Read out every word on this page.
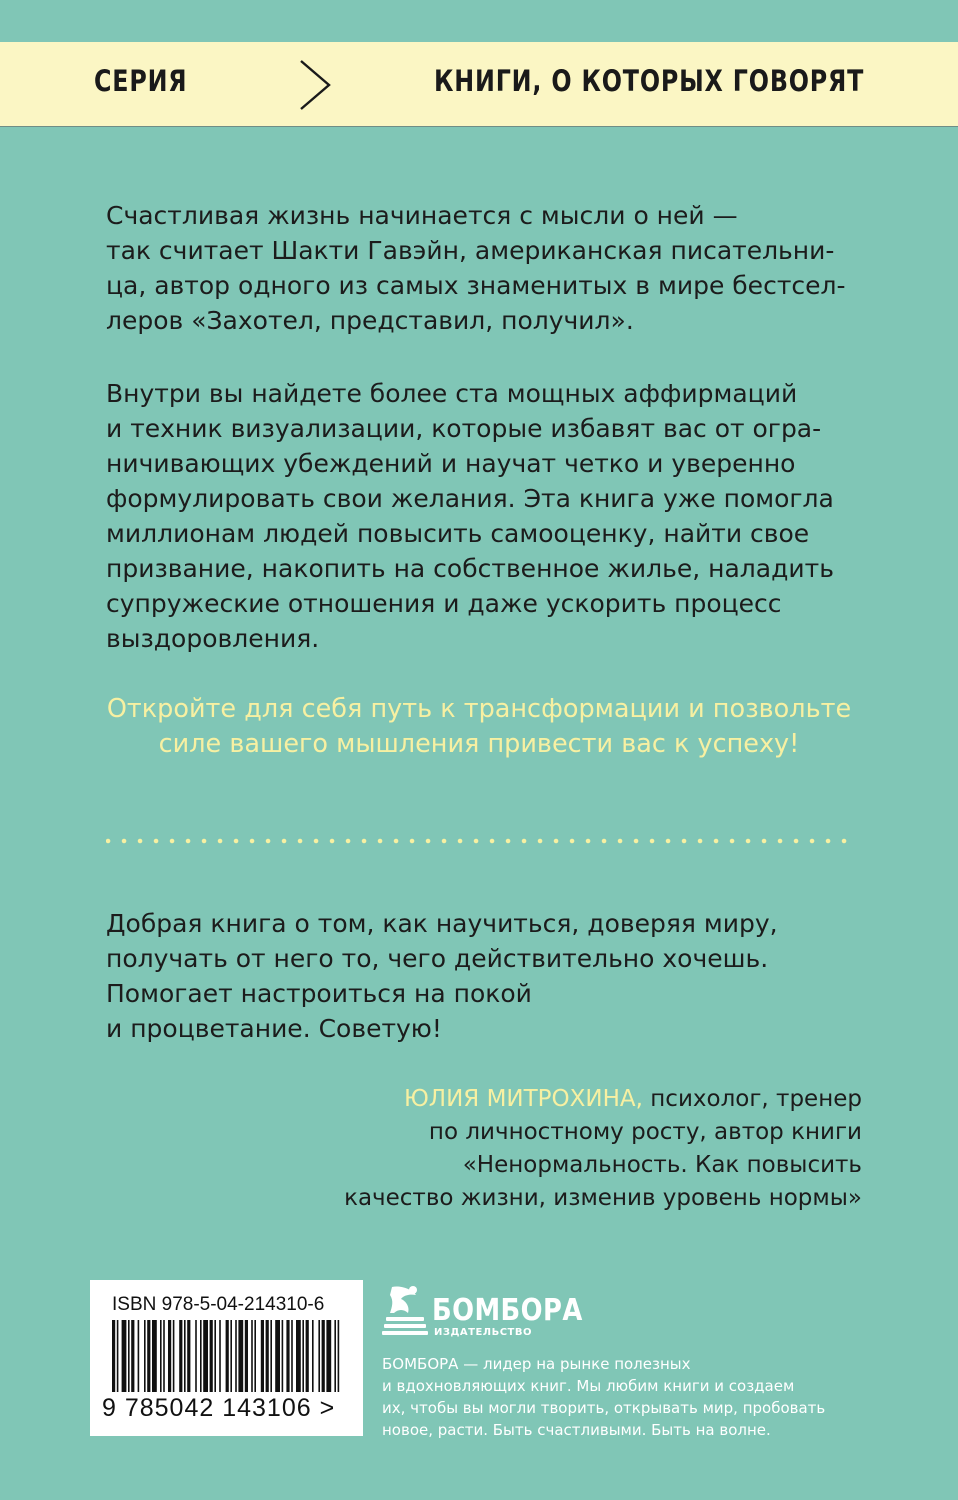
СЕРИЯ	КНИГИ, О КОТОРЫХ ГОВОРЯТ

Счастливая жизнь начинается с мысли о ней —
так считает Шакти Гавэйн, американская писательни-
ца, автор одного из самых знаменитых в мире бестсел-
леров «Захотел, представил, получил».

Внутри вы найдете более ста мощных аффирмаций
и техник визуализации, которые избавят вас от огра-
ничивающих убеждений и научат четко и уверенно
формулировать свои желания. Эта книга уже помогла
миллионам людей повысить самооценку, найти свое
призвание, накопить на собственное жилье, наладить
супружеские отношения и даже ускорить процесс
выздоровления.

Откройте для себя путь к трансформации и позвольте
силе вашего мышления привести вас к успеху!

Добрая книга о том, как научиться, доверяя миру,
получать от него то, чего действительно хочешь.
Помогает настроиться на покой
и процветание. Советую!

ЮЛИЯ МИТРОХИНА, психолог, тренер
по личностному росту, автор книги
«Ненормальность. Как повысить
качество жизни, изменив уровень нормы»

ISBN 978-5-04-214310-6
9 785042 143106 >
БОМБОРА
ИЗДАТЕЛЬСТВО

БОМБОРА — лидер на рынке полезных
и вдохновляющих книг. Мы любим книги и создаем
их, чтобы вы могли творить, открывать мир, пробовать
новое, расти. Быть счастливыми. Быть на волне.
